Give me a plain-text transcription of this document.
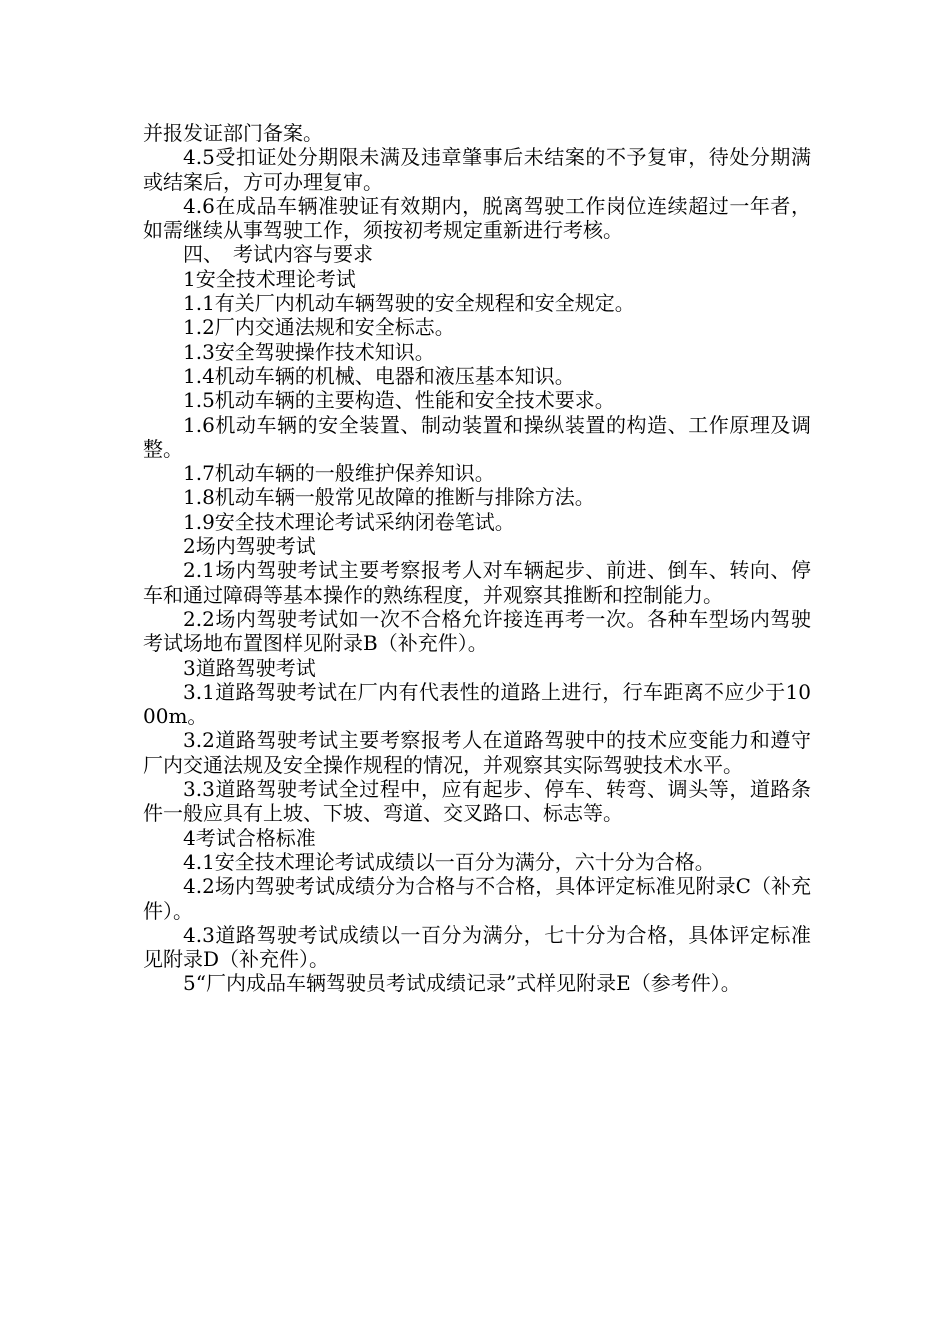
并报发证部门备案。

4.5受扣证处分期限未满及违章肇事后未结案的不予复审，待处分期满或结案后，方可办理复审。

4.6在成品车辆准驶证有效期内，脱离驾驶工作岗位连续超过一年者，如需继续从事驾驶工作，须按初考规定重新进行考核。

四、　考试内容与要求

1安全技术理论考试

1.1有关厂内机动车辆驾驶的安全规程和安全规定。

1.2厂内交通法规和安全标志。

1.3安全驾驶操作技术知识。

1.4机动车辆的机械、电器和液压基本知识。

1.5机动车辆的主要构造、性能和安全技术要求。

1.6机动车辆的安全装置、制动装置和操纵装置的构造、工作原理及调整。

1.7机动车辆的一般维护保养知识。

1.8机动车辆一般常见故障的推断与排除方法。

1.9安全技术理论考试采纳闭卷笔试。

2场内驾驶考试

2.1场内驾驶考试主要考察报考人对车辆起步、前进、倒车、转向、停车和通过障碍等基本操作的熟练程度，并观察其推断和控制能力。

2.2场内驾驶考试如一次不合格允许接连再考一次。各种车型场内驾驶考试场地布置图样见附录B（补充件）。

3道路驾驶考试

3.1道路驾驶考试在厂内有代表性的道路上进行，行车距离不应少于1000m。

3.2道路驾驶考试主要考察报考人在道路驾驶中的技术应变能力和遵守厂内交通法规及安全操作规程的情况，并观察其实际驾驶技术水平。

3.3道路驾驶考试全过程中，应有起步、停车、转弯、调头等，道路条件一般应具有上坡、下坡、弯道、交叉路口、标志等。

4考试合格标准

4.1安全技术理论考试成绩以一百分为满分，六十分为合格。

4.2场内驾驶考试成绩分为合格与不合格，具体评定标准见附录C（补充件）。

4.3道路驾驶考试成绩以一百分为满分，七十分为合格，具体评定标准见附录D（补充件）。

5“厂内成品车辆驾驶员考试成绩记录”式样见附录E（参考件）。
